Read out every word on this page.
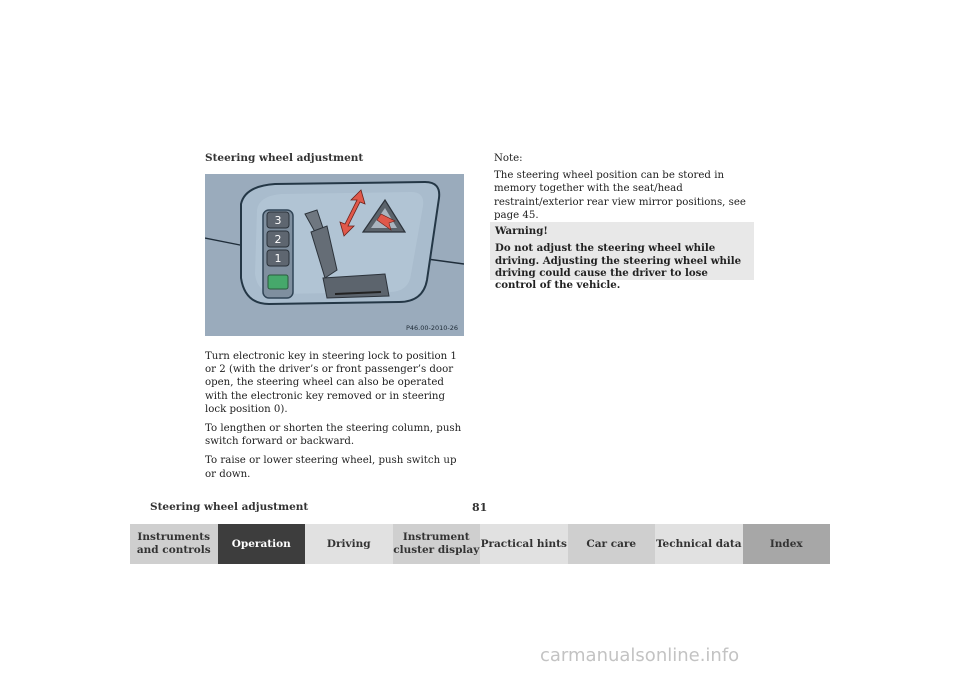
Steering wheel adjustment
3
2
1
P46.00-2010-26

Turn electronic key in steering lock to position 1 or 2 (with the driver’s or front passenger’s door open, the steering wheel can also be operated with the electronic key removed or in steering lock position 0).

To lengthen or shorten the steering column, push switch forward or backward.

To raise or lower steering wheel, push switch up or down.

Note:

The steering wheel position can be stored in memory together with the seat/head restraint/exterior rear view mirror positions, see page 45.

Warning!
Do not adjust the steering wheel while driving. Adjusting the steering wheel while driving could cause the driver to lose control of the vehicle.
Steering wheel adjustment	81
Instruments and controls
Operation	Driving
Instrument cluster display
Practical hints	Car care	Technical data	Index
carmanualsonline.info
